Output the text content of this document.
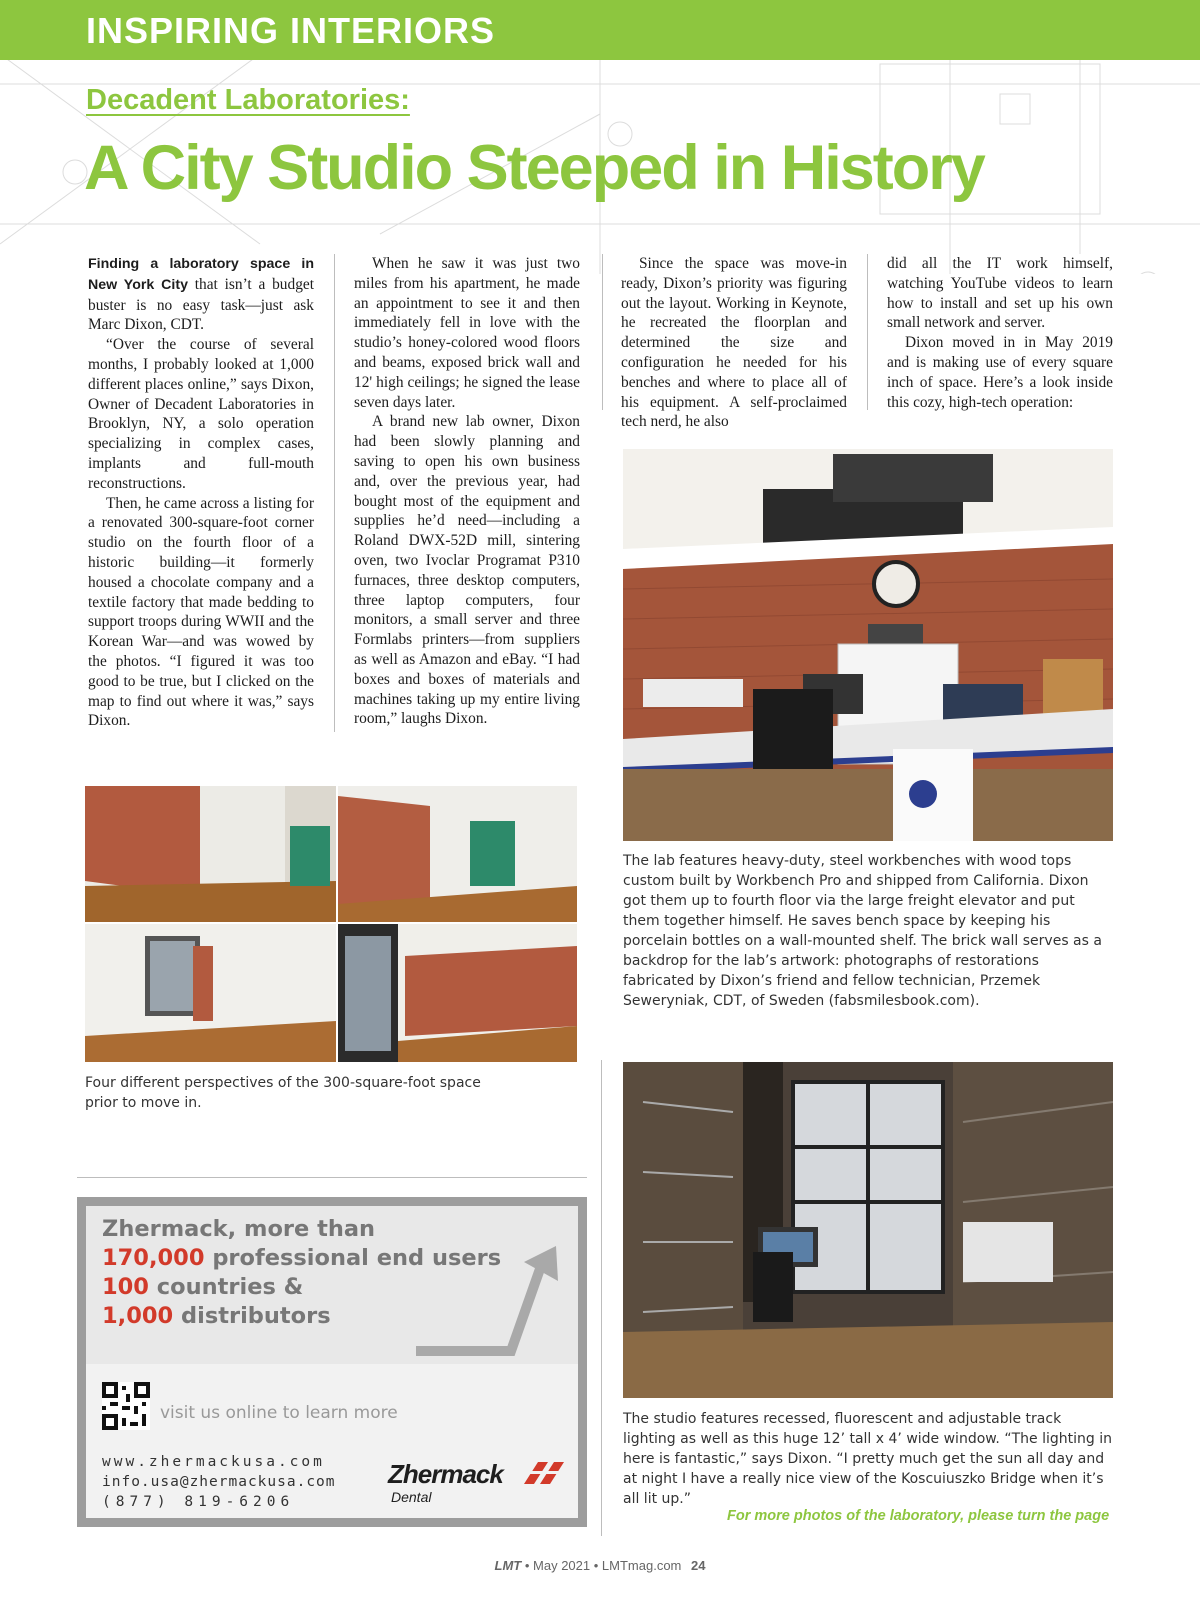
INSPIRING INTERIORS
Decadent Laboratories:
A City Studio Steeped in History

Finding a laboratory space in New York City that isn’t a budget buster is no easy task—just ask Marc Dixon, CDT.

“Over the course of several months, I probably looked at 1,000 different places online,” says Dixon, Owner of Decadent Laboratories in Brooklyn, NY, a solo operation specializing in complex cases, implants and full-mouth reconstructions.

Then, he came across a listing for a renovated 300-square-foot corner studio on the fourth floor of a historic building—it formerly housed a chocolate company and a textile factory that made bedding to support troops during WWII and the Korean War—and was wowed by the photos. “I figured it was too good to be true, but I clicked on the map to find out where it was,” says Dixon.

When he saw it was just two miles from his apartment, he made an appointment to see it and then immediately fell in love with the studio’s honey-colored wood floors and beams, exposed brick wall and 12' high ceilings; he signed the lease seven days later.

A brand new lab owner, Dixon had been slowly planning and saving to open his own business and, over the previous year, had bought most of the equipment and supplies he’d need—including a Roland DWX-52D mill, sintering oven, two Ivoclar Programat P310 furnaces, three desktop computers, three laptop computers, four monitors, a small server and three Formlabs printers—from suppliers as well as Amazon and eBay. “I had boxes and boxes of materials and machines taking up my entire living room,” laughs Dixon.

Since the space was move-in ready, Dixon’s priority was figuring out the layout. Working in Keynote, he recreated the floorplan and determined the size and configuration he needed for his benches and where to place all of his equipment. A self-proclaimed tech nerd, he also

did all the IT work himself, watching YouTube videos to learn how to install and set up his own small network and server.

Dixon moved in in May 2019 and is making use of every square inch of space. Here’s a look inside this cozy, high-tech operation:

The lab features heavy-duty, steel workbenches with wood tops custom built by Workbench Pro and shipped from California. Dixon got them up to fourth floor via the large freight elevator and put them together himself. He saves bench space by keeping his porcelain bottles on a wall-mounted shelf. The brick wall serves as a backdrop for the lab’s artwork: photographs of restorations fabricated by Dixon’s friend and fellow technician, Przemek Seweryniak, CDT, of Sweden (fabsmilesbook.com).
Four different perspectives of the 300-square-foot space prior to move in.
The studio features recessed, fluorescent and adjustable track lighting as well as this huge 12’ tall x 4’ wide window. “The lighting in here is fantastic,” says Dixon. “I pretty much get the sun all day and at night I have a really nice view of the Koscuiuszko Bridge when it’s all lit up.”
For more photos of the laboratory, please turn the page
Zhermack, more than
170,000 professional end users
100 countries &
1,000 distributors
visit us online to learn more
www.zhermackusa.com
info.usa@zhermackusa.com
(877) 819-6206
Zhermack
Dental
LMT • May 2021 • LMTmag.com 24
